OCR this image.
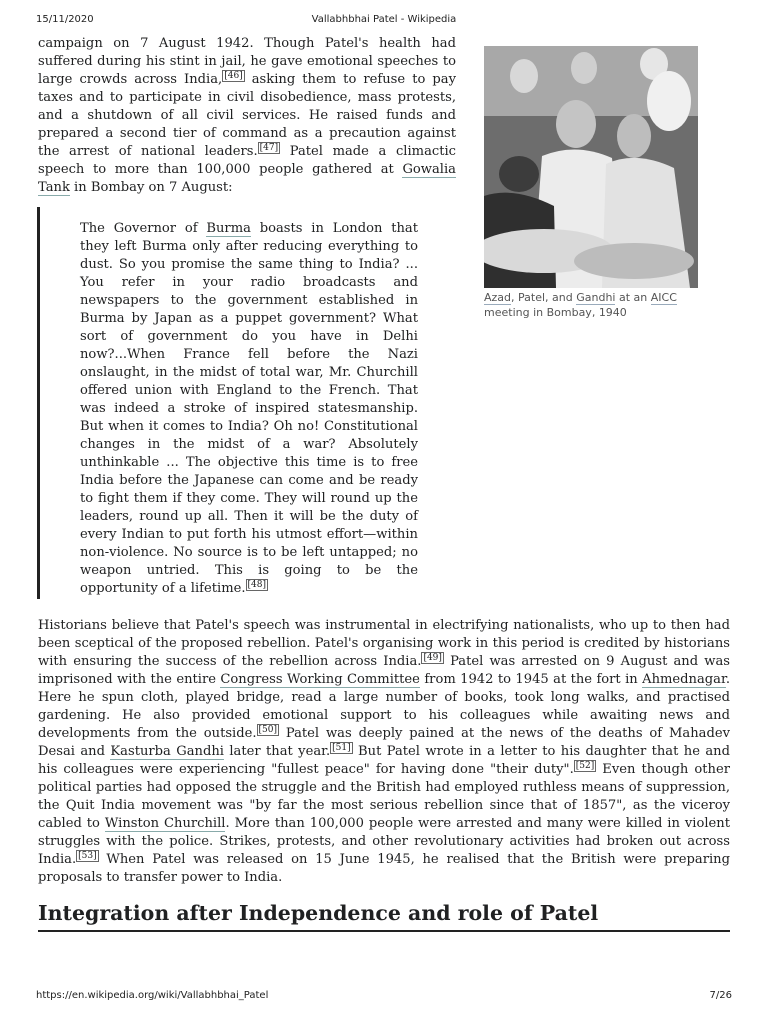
15/11/2020	Vallabhbhai Patel - Wikipedia

campaign on 7 August 1942. Though Patel's health had suffered during his stint in jail, he gave emotional speeches to large crowds across India, [46] asking them to refuse to pay taxes and to participate in civil disobedience, mass protests, and a shutdown of all civil services. He raised funds and prepared a second tier of command as a precaution against the arrest of national leaders. [47] Patel made a climactic speech to more than 100,000 people gathered at Gowalia Tank in Bombay on 7 August:

The Governor of Burma boasts in London that they left Burma only after reducing everything to dust. So you promise the same thing to India? ... You refer in your radio broadcasts and newspapers to the government established in Burma by Japan as a puppet government? What sort of government do you have in Delhi now?...When France fell before the Nazi onslaught, in the midst of total war, Mr. Churchill offered union with England to the French. That was indeed a stroke of inspired statesmanship. But when it comes to India? Oh no! Constitutional changes in the midst of a war? Absolutely unthinkable ... The objective this time is to free India before the Japanese can come and be ready to fight them if they come. They will round up the leaders, round up all. Then it will be the duty of every Indian to put forth his utmost effort—within non-violence. No source is to be left untapped; no weapon untried. This is going to be the opportunity of a lifetime. [48]

Azad, Patel, and Gandhi at an AICC meeting in Bombay, 1940

Historians believe that Patel's speech was instrumental in electrifying nationalists, who up to then had been sceptical of the proposed rebellion. Patel's organising work in this period is credited by historians with ensuring the success of the rebellion across India. [49] Patel was arrested on 9 August and was imprisoned with the entire Congress Working Committee from 1942 to 1945 at the fort in Ahmednagar. Here he spun cloth, played bridge, read a large number of books, took long walks, and practised gardening. He also provided emotional support to his colleagues while awaiting news and developments from the outside. [50] Patel was deeply pained at the news of the deaths of Mahadev Desai and Kasturba Gandhi later that year. [51] But Patel wrote in a letter to his daughter that he and his colleagues were experiencing "fullest peace" for having done "their duty". [52] Even though other political parties had opposed the struggle and the British had employed ruthless means of suppression, the Quit India movement was "by far the most serious rebellion since that of 1857", as the viceroy cabled to Winston Churchill. More than 100,000 people were arrested and many were killed in violent struggles with the police. Strikes, protests, and other revolutionary activities had broken out across India. [53] When Patel was released on 15 June 1945, he realised that the British were preparing proposals to transfer power to India.

Integration after Independence and role of Patel
https://en.wikipedia.org/wiki/Vallabhbhai_Patel	7/26
